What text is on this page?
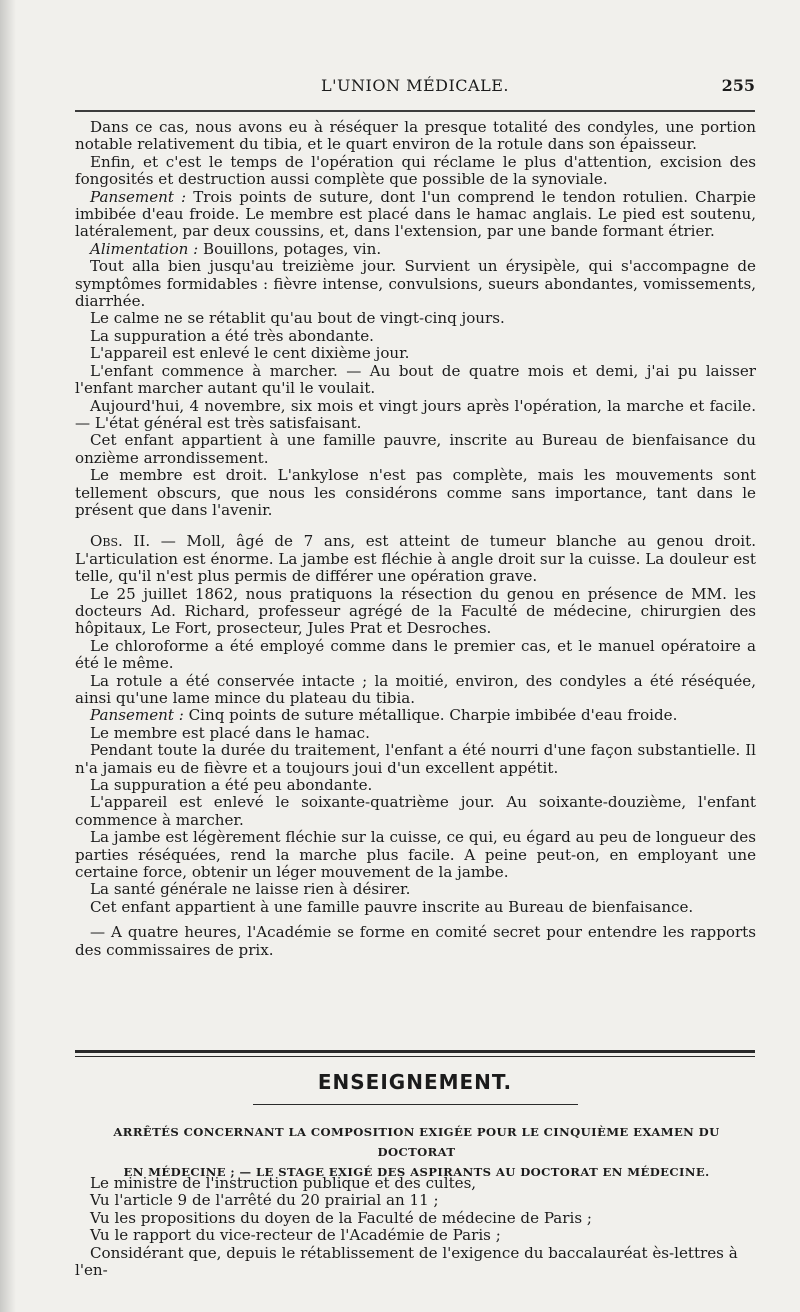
L'UNION MÉDICALE.	255

Dans ce cas, nous avons eu à réséquer la presque totalité des condyles, une portion notable relativement du tibia, et le quart environ de la rotule dans son épaisseur.

Enfin, et c'est le temps de l'opération qui réclame le plus d'attention, excision des fongosités et destruction aussi complète que possible de la synoviale.

Pansement : Trois points de suture, dont l'un comprend le tendon rotulien. Charpie imbibée d'eau froide. Le membre est placé dans le hamac anglais. Le pied est soutenu, latéralement, par deux coussins, et, dans l'extension, par une bande formant étrier.

Alimentation : Bouillons, potages, vin.

Tout alla bien jusqu'au treizième jour. Survient un érysipèle, qui s'accompagne de symptômes formidables : fièvre intense, convulsions, sueurs abondantes, vomissements, diarrhée.

Le calme ne se rétablit qu'au bout de vingt-cinq jours.

La suppuration a été très abondante.

L'appareil est enlevé le cent dixième jour.

L'enfant commence à marcher. — Au bout de quatre mois et demi, j'ai pu laisser l'enfant marcher autant qu'il le voulait.

Aujourd'hui, 4 novembre, six mois et vingt jours après l'opération, la marche et facile. — L'état général est très satisfaisant.

Cet enfant appartient à une famille pauvre, inscrite au Bureau de bienfaisance du onzième arrondissement.

Le membre est droit. L'ankylose n'est pas complète, mais les mouvements sont tellement obscurs, que nous les considérons comme sans importance, tant dans le présent que dans l'avenir.

Obs. II. — Moll, âgé de 7 ans, est atteint de tumeur blanche au genou droit. L'articulation est énorme. La jambe est fléchie à angle droit sur la cuisse. La douleur est telle, qu'il n'est plus permis de différer une opération grave.

Le 25 juillet 1862, nous pratiquons la résection du genou en présence de MM. les docteurs Ad. Richard, professeur agrégé de la Faculté de médecine, chirurgien des hôpitaux, Le Fort, prosecteur, Jules Prat et Desroches.

Le chloroforme a été employé comme dans le premier cas, et le manuel opératoire a été le même.

La rotule a été conservée intacte ; la moitié, environ, des condyles a été réséquée, ainsi qu'une lame mince du plateau du tibia.

Pansement : Cinq points de suture métallique. Charpie imbibée d'eau froide.

Le membre est placé dans le hamac.

Pendant toute la durée du traitement, l'enfant a été nourri d'une façon substantielle. Il n'a jamais eu de fièvre et a toujours joui d'un excellent appétit.

La suppuration a été peu abondante.

L'appareil est enlevé le soixante-quatrième jour. Au soixante-douzième, l'enfant commence à marcher.

La jambe est légèrement fléchie sur la cuisse, ce qui, eu égard au peu de longueur des parties réséquées, rend la marche plus facile. A peine peut-on, en employant une certaine force, obtenir un léger mouvement de la jambe.

La santé générale ne laisse rien à désirer.

Cet enfant appartient à une famille pauvre inscrite au Bureau de bienfaisance.

— A quatre heures, l'Académie se forme en comité secret pour entendre les rapports des commissaires de prix.

ENSEIGNEMENT.
ARRÊTÉS CONCERNANT LA COMPOSITION EXIGÉE POUR LE CINQUIÈME EXAMEN DU DOCTORAT
EN MÉDECINE ; — LE STAGE EXIGÉ DES ASPIRANTS AU DOCTORAT EN MÉDECINE.

Le ministre de l'instruction publique et des cultes,

Vu l'article 9 de l'arrêté du 20 prairial an 11 ;

Vu les propositions du doyen de la Faculté de médecine de Paris ;

Vu le rapport du vice-recteur de l'Académie de Paris ;

Considérant que, depuis le rétablissement de l'exigence du baccalauréat ès-lettres à l'en-
